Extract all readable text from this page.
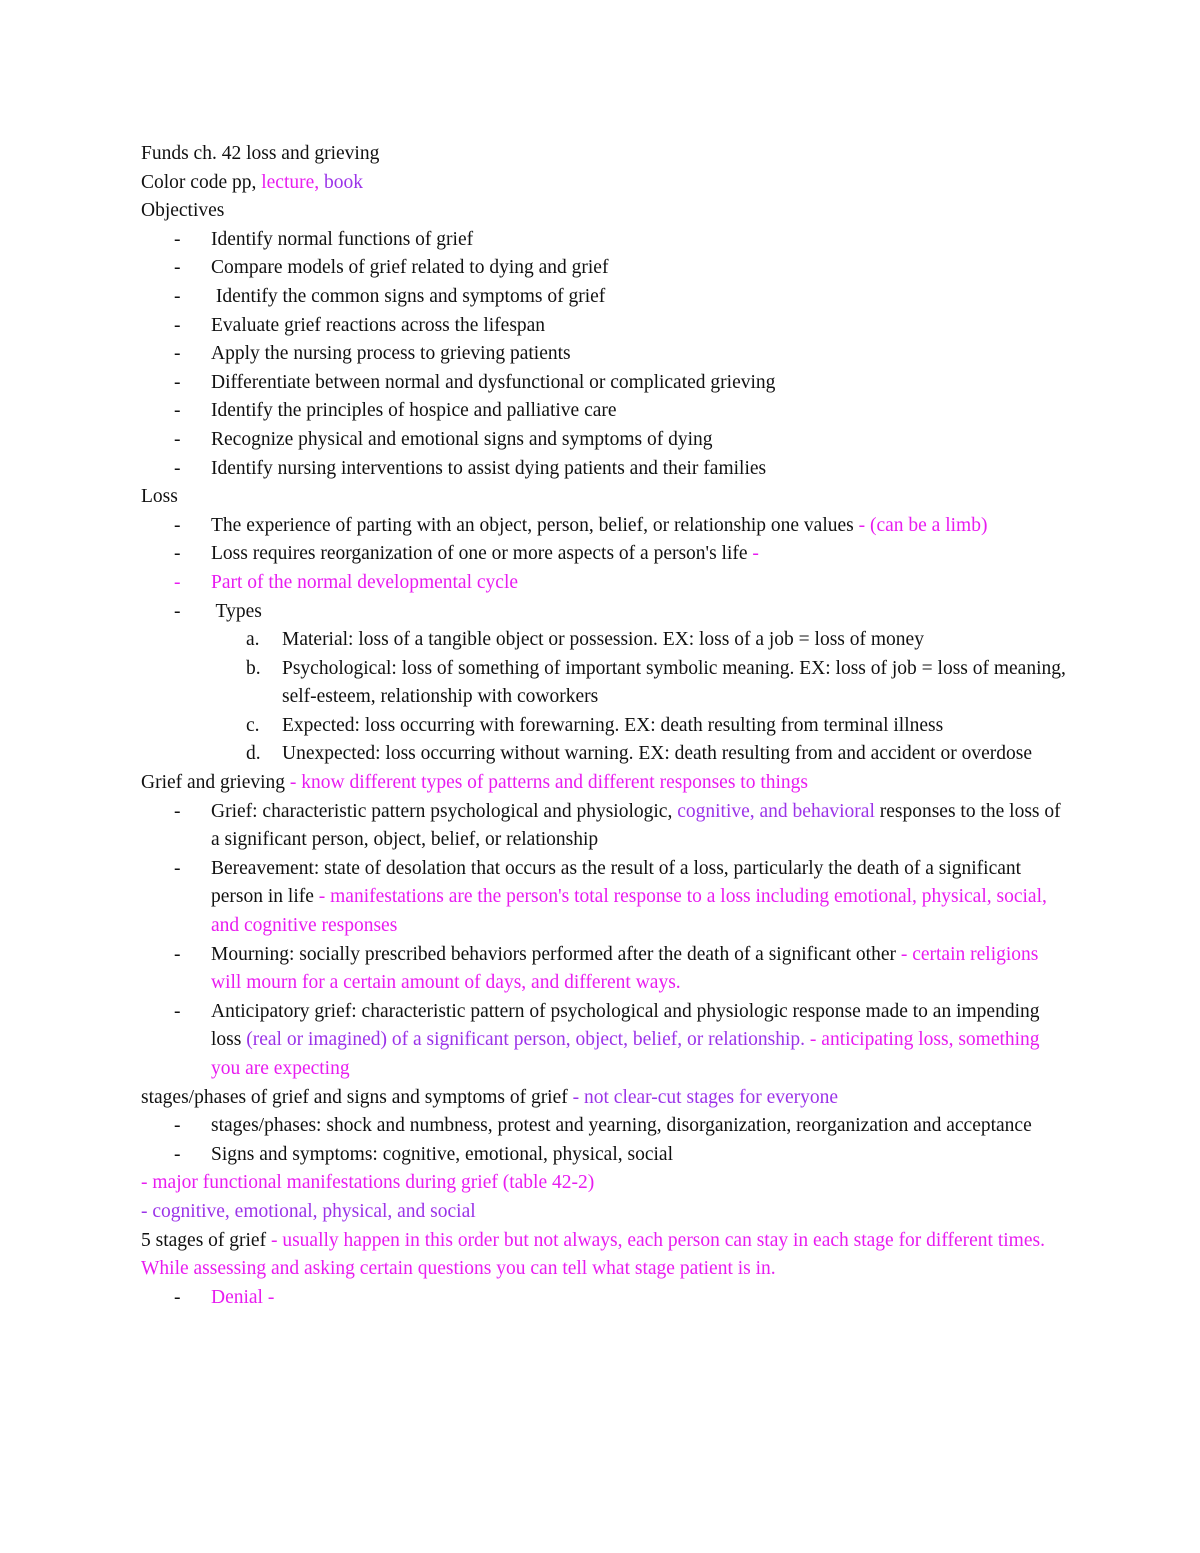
Funds ch. 42 loss and grieving
Color code pp, lecture, book
Objectives
-	Identify normal functions of grief
-	Compare models of grief related to dying and grief
-	Identify the common signs and symptoms of grief
-	Evaluate grief reactions across the lifespan
-	Apply the nursing process to grieving patients
-	Differentiate between normal and dysfunctional or complicated grieving
-	Identify the principles of hospice and palliative care
-	Recognize physical and emotional signs and symptoms of dying
-	Identify nursing interventions to assist dying patients and their families
Loss
-	The experience of parting with an object, person, belief, or relationship one values - (can be a limb)
-	Loss requires reorganization of one or more aspects of a person's life -
-	Part of the normal developmental cycle
-	Types
a.	Material: loss of a tangible object or possession. EX: loss of a job = loss of money
b.	Psychological: loss of something of important symbolic meaning. EX: loss of job = loss of meaning, self-esteem, relationship with coworkers
c.	Expected: loss occurring with forewarning. EX: death resulting from terminal illness
d.	Unexpected: loss occurring without warning. EX: death resulting from and accident or overdose
Grief and grieving - know different types of patterns and different responses to things
-	Grief: characteristic pattern psychological and physiologic, cognitive, and behavioral responses to the loss of a significant person, object, belief, or relationship
-	Bereavement: state of desolation that occurs as the result of a loss, particularly the death of a significant person in life - manifestations are the person's total response to a loss including emotional, physical, social, and cognitive responses
-	Mourning: socially prescribed behaviors performed after the death of a significant other - certain religions will mourn for a certain amount of days, and different ways.
-	Anticipatory grief: characteristic pattern of psychological and physiologic response made to an impending loss (real or imagined) of a significant person, object, belief, or relationship. - anticipating loss, something you are expecting
stages/phases of grief and signs and symptoms of grief - not clear-cut stages for everyone
-	stages/phases: shock and numbness, protest and yearning, disorganization, reorganization and acceptance
-	Signs and symptoms: cognitive, emotional, physical, social
- major functional manifestations during grief (table 42-2)
- cognitive, emotional, physical, and social
5 stages of grief - usually happen in this order but not always, each person can stay in each stage for different times. While assessing and asking certain questions you can tell what stage patient is in.
-	Denial -
